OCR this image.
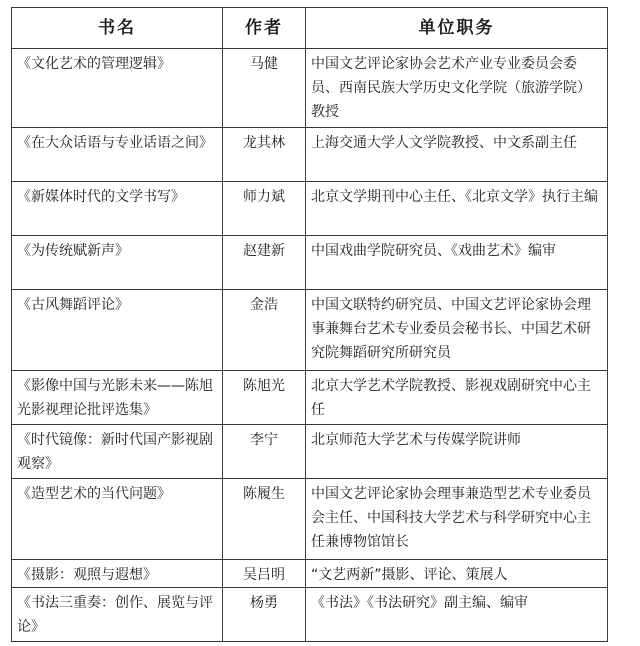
书名	作者	单位职务
《文化艺术的管理逻辑》	马健	中国文艺评论家协会艺术产业专业委员会委员、西南民族大学历史文化学院（旅游学院）教授
《在大众话语与专业话语之间》	龙其林	上海交通大学人文学院教授、中文系副主任
《新媒体时代的文学书写》	师力斌	北京文学期刊中心主任、《北京文学》执行主编
《为传统赋新声》	赵建新	中国戏曲学院研究员、《戏曲艺术》编审
《古风舞蹈评论》	金浩	中国文联特约研究员、中国文艺评论家协会理事兼舞台艺术专业委员会秘书长、中国艺术研究院舞蹈研究所研究员
《影像中国与光影未来——陈旭光影视理论批评选集》	陈旭光	北京大学艺术学院教授、影视戏剧研究中心主任
《时代镜像：新时代国产影视剧观察》	李宁	北京师范大学艺术与传媒学院讲师
《造型艺术的当代问题》	陈履生	中国文艺评论家协会理事兼造型艺术专业委员会主任、中国科技大学艺术与科学研究中心主任兼博物馆馆长
《摄影：观照与遐想》	吴吕明	“文艺两新”摄影、评论、策展人
《书法三重奏：创作、展览与评论》	杨勇	《书法》《书法研究》副主编、编审
